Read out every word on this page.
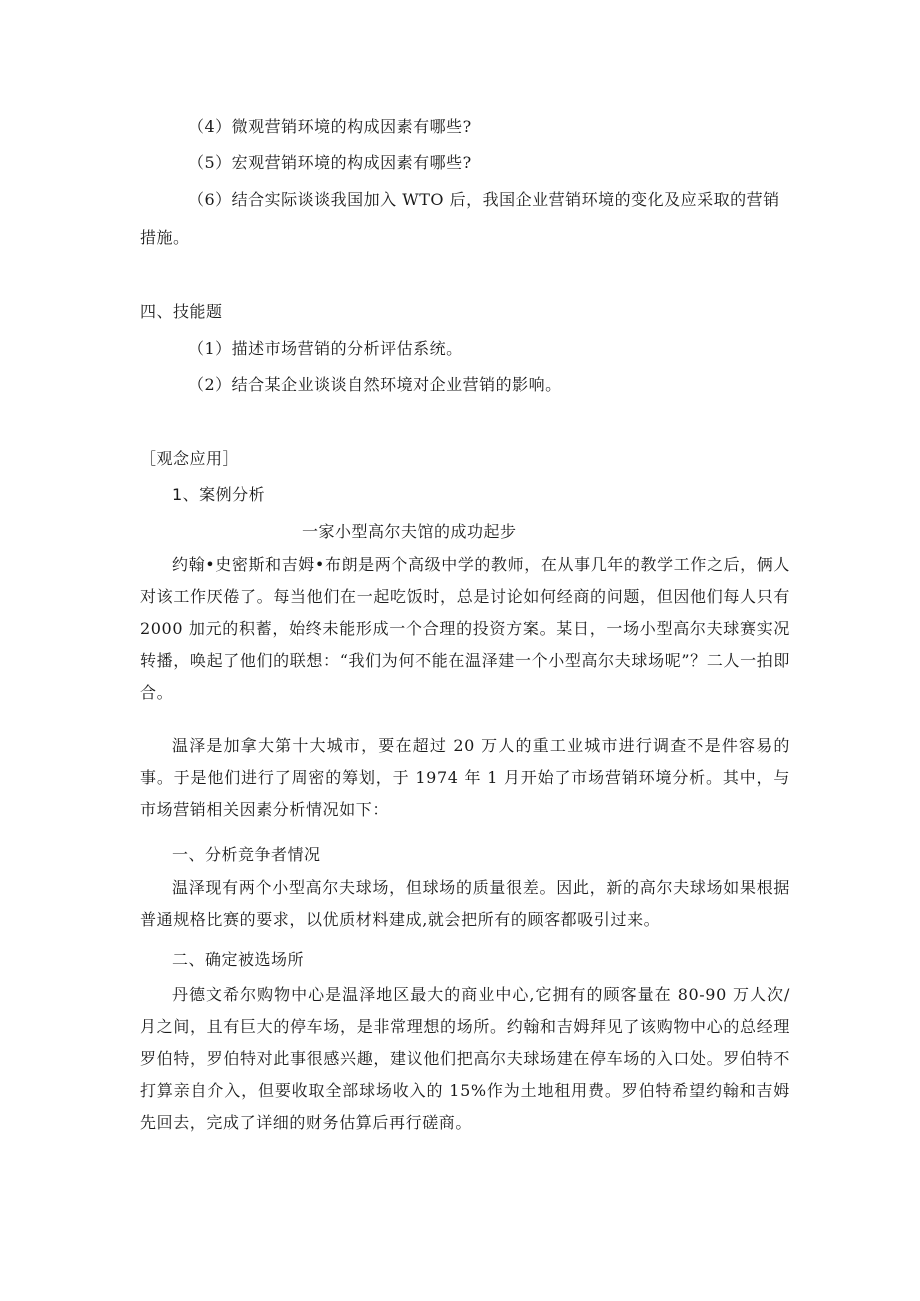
（4）微观营销环境的构成因素有哪些?
（5）宏观营销环境的构成因素有哪些?
（6）结合实际谈谈我国加入 WTO 后，我国企业营销环境的变化及应采取的营销
措施。
四、技能题
（1）描述市场营销的分析评估系统。
（2）结合某企业谈谈自然环境对企业营销的影响。
［观念应用］
1、案例分析
一家小型高尔夫馆的成功起步

约翰•史密斯和吉姆•布朗是两个高级中学的教师，在从事几年的教学工作之后，俩人对该工作厌倦了。每当他们在一起吃饭时，总是讨论如何经商的问题，但因他们每人只有 2000 加元的积蓄，始终未能形成一个合理的投资方案。某日，一场小型高尔夫球赛实况转播，唤起了他们的联想：“我们为何不能在温泽建一个小型高尔夫球场呢”？二人一拍即合。

温泽是加拿大第十大城市，要在超过 20 万人的重工业城市进行调查不是件容易的事。于是他们进行了周密的筹划，于 1974 年 1 月开始了市场营销环境分析。其中，与市场营销相关因素分析情况如下：

一、分析竞争者情况

温泽现有两个小型高尔夫球场，但球场的质量很差。因此，新的高尔夫球场如果根据普通规格比赛的要求，以优质材料建成,就会把所有的顾客都吸引过来。

二、确定被选场所

丹德文希尔购物中心是温泽地区最大的商业中心,它拥有的顾客量在 80-90 万人次/月之间，且有巨大的停车场，是非常理想的场所。约翰和吉姆拜见了该购物中心的总经理罗伯特，罗伯特对此事很感兴趣，建议他们把高尔夫球场建在停车场的入口处。罗伯特不打算亲自介入，但要收取全部球场收入的 15%作为土地租用费。罗伯特希望约翰和吉姆先回去，完成了详细的财务估算后再行磋商。
